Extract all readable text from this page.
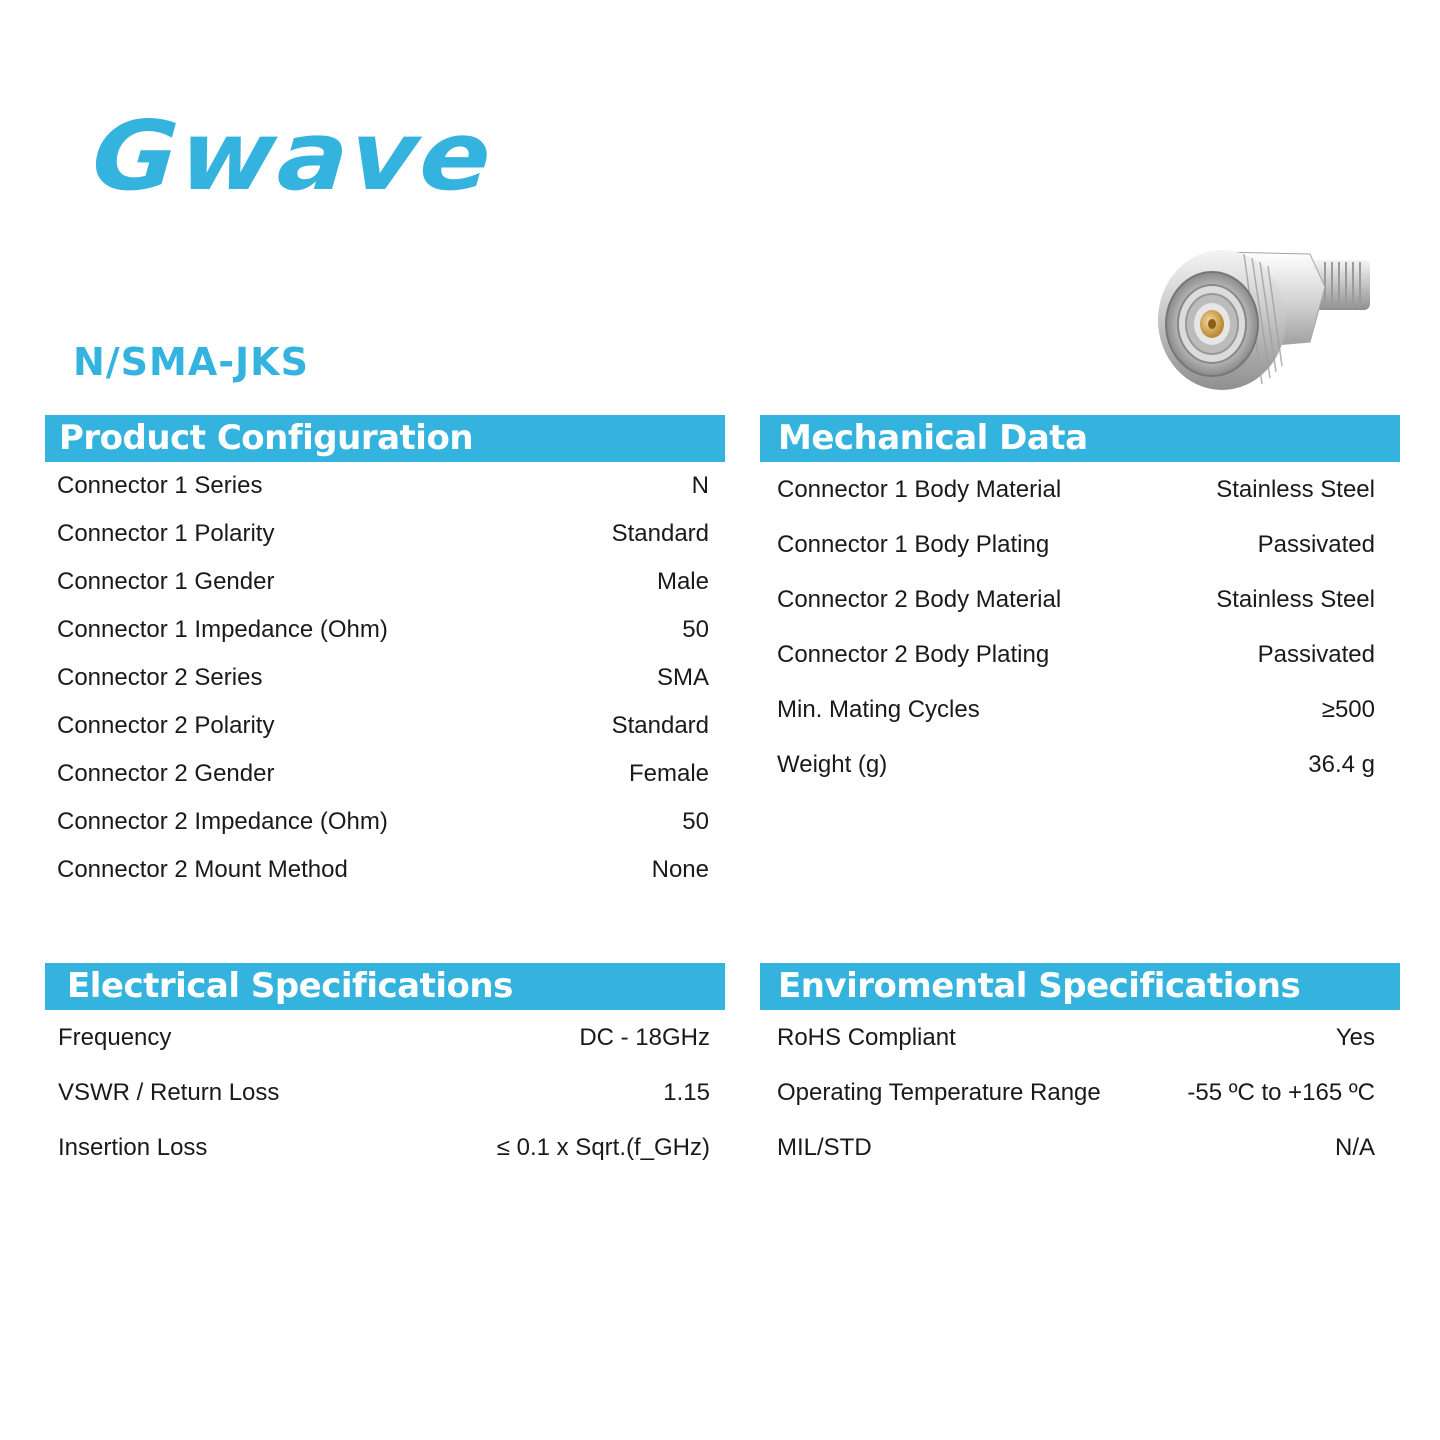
Gwave
N/SMA-JKS
Product Configuration
Connector 1 Series	N
Connector 1 Polarity	Standard
Connector 1 Gender	Male
Connector 1 Impedance (Ohm)	50
Connector 2 Series	SMA
Connector 2 Polarity	Standard
Connector 2 Gender	Female
Connector 2 Impedance (Ohm)	50
Connector 2 Mount Method	None
Mechanical Data
Connector 1 Body Material	Stainless Steel
Connector 1 Body Plating	Passivated
Connector 2 Body Material	Stainless Steel
Connector 2 Body Plating	Passivated
Min. Mating Cycles	≥500
Weight (g)	36.4 g
Electrical Specifications
Frequency	DC - 18GHz
VSWR / Return Loss	1.15
Insertion Loss	≤ 0.1 x Sqrt.(f_GHz)
Enviromental Specifications
RoHS Compliant	Yes
Operating Temperature Range	-55 ºC to +165 ºC
MIL/STD	N/A
